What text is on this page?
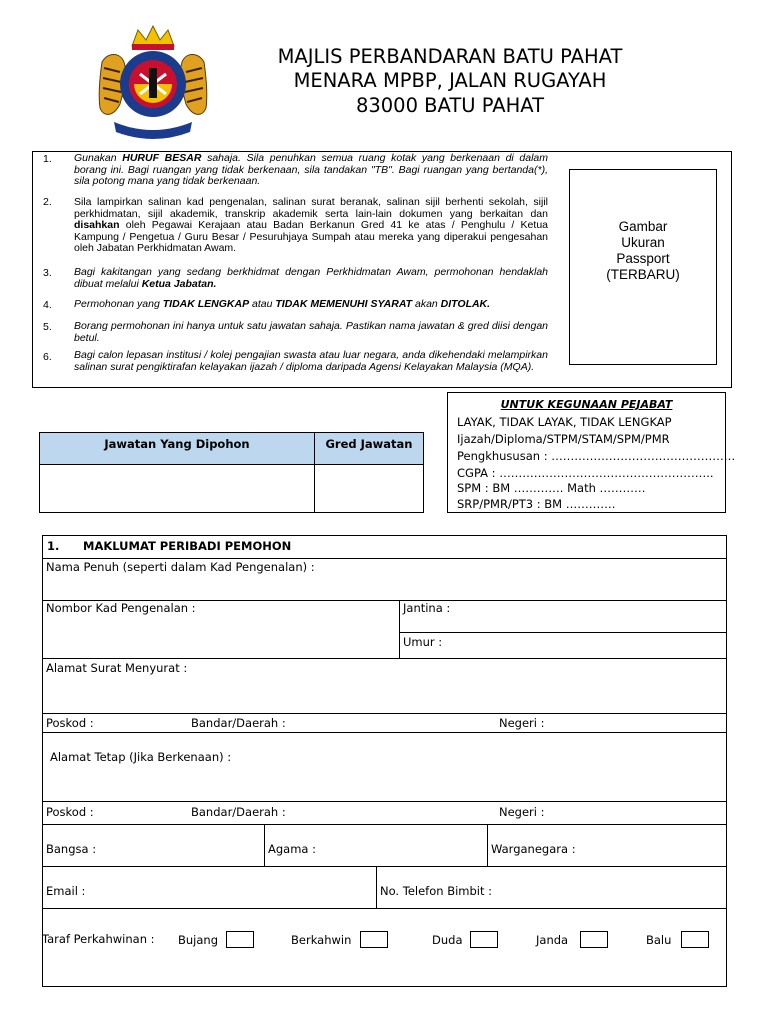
MAJLIS PERBANDARAN BATU PAHAT
MENARA MPBP, JALAN RUGAYAH
83000 BATU PAHAT
1. Gunakan HURUF BESAR sahaja. Sila penuhkan semua ruang kotak yang berkenaan di dalam borang ini. Bagi ruangan yang tidak berkenaan, sila tandakan "TB". Bagi ruangan yang bertanda(*), sila potong mana yang tidak berkenaan.
2. Sila lampirkan salinan kad pengenalan, salinan surat beranak, salinan sijil berhenti sekolah, sijil perkhidmatan, sijil akademik, transkrip akademik serta lain-lain dokumen yang berkaitan dan disahkan oleh Pegawai Kerajaan atau Badan Berkanun Gred 41 ke atas / Penghulu / Ketua Kampung / Pengetua / Guru Besar / Pesuruhjaya Sumpah atau mereka yang diperakui pengesahan oleh Jabatan Perkhidmatan Awam.
3. Bagi kakitangan yang sedang berkhidmat dengan Perkhidmatan Awam, permohonan hendaklah dibuat melalui Ketua Jabatan.
4. Permohonan yang TIDAK LENGKAP atau TIDAK MEMENUHI SYARAT akan DITOLAK.
5. Borang permohonan ini hanya untuk satu jawatan sahaja. Pastikan nama jawatan & gred diisi dengan betul.
6. Bagi calon lepasan institusi / kolej pengajian swasta atau luar negara, anda dikehendaki melampirkan salinan surat pengiktirafan kelayakan ijazah / diploma daripada Agensi Kelayakan Malaysia (MQA).
Gambar
Ukuran
Passport
(TERBARU)
UNTUK KEGUNAAN PEJABAT
LAYAK, TIDAK LAYAK, TIDAK LENGKAP
Ijazah/Diploma/STPM/STAM/SPM/PMR
Pengkhususan : …………………………………………
CGPA : ………………………………………………..
SPM : BM …………. Math …………
SRP/PMR/PT3 : BM ………….
Jawatan Yang Dipohon	Gred Jawatan
1. MAKLUMAT PERIBADI PEMOHON
Nama Penuh (seperti dalam Kad Pengenalan) :
Nombor Kad Pengenalan :	Jantina :
Umur :
Alamat Surat Menyurat :
Poskod :	Bandar/Daerah :	Negeri :
Alamat Tetap (Jika Berkenaan) :
Poskod :	Bandar/Daerah :	Negeri :
Bangsa :	Agama :	Warganegara :
Email :	No. Telefon Bimbit :
Taraf Perkahwinan : Bujang	Berkahwin	Duda	Janda	Balu
